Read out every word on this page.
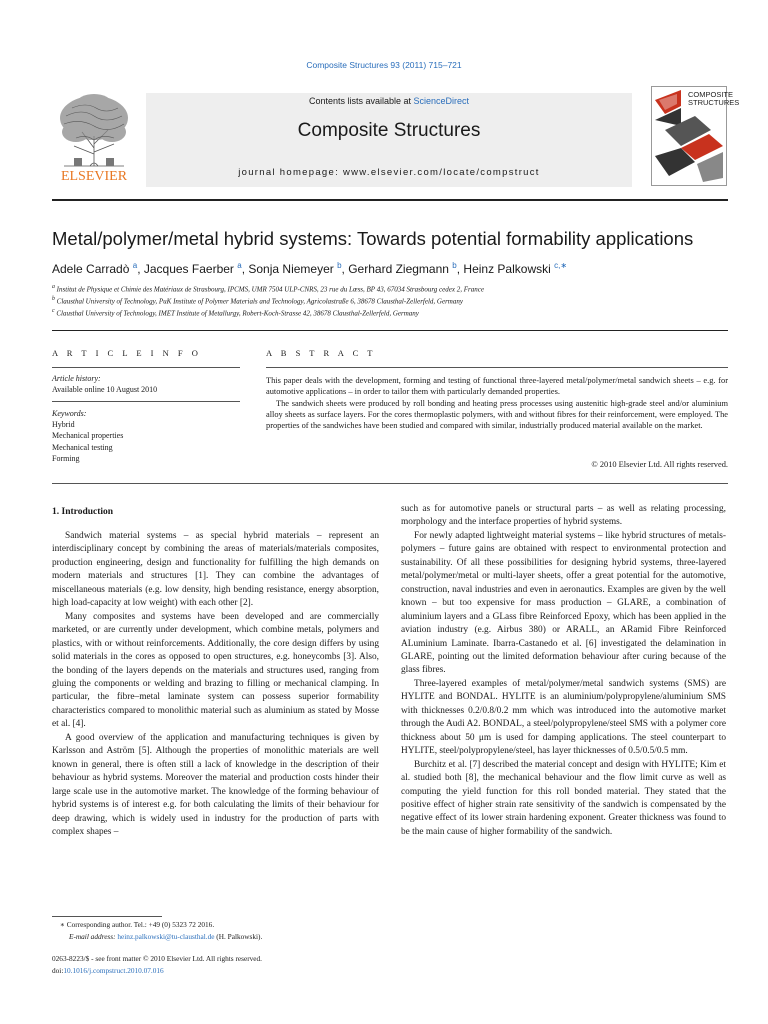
Composite Structures 93 (2011) 715–721
Contents lists available at ScienceDirect
Composite Structures
journal homepage: www.elsevier.com/locate/compstruct
ELSEVIER
COMPOSITE
STRUCTURES
Metal/polymer/metal hybrid systems: Towards potential formability applications
Adele Carradò $^a$, Jacques Faerber $^a$, Sonja Niemeyer $^b$, Gerhard Ziegmann $^b$, Heinz Palkowski $^{c,∗}$
$^a$ Institut de Physique et Chimie des Matériaux de Strasbourg, IPCMS, UMR 7504 ULP-CNRS, 23 rue du Lœss, BP 43, 67034 Strasbourg cedex 2, France
$^b$ Clausthal University of Technology, PuK Institute of Polymer Materials and Technology, Agricolastraße 6, 38678 Clausthal-Zellerfeld, Germany
$^c$ Clausthal University of Technology, IMET Institute of Metallurgy, Robert-Koch-Strasse 42, 38678 Clausthal-Zellerfeld, Germany
A R T I C L E I N F O
Article history:
Available online 10 August 2010
Keywords:
Hybrid
Mechanical properties
Mechanical testing
Forming
A B S T R A C T

This paper deals with the development, forming and testing of functional three-layered metal/polymer/metal sandwich sheets – e.g. for automotive applications – in order to tailor them with particularly demanded properties.

The sandwich sheets were produced by roll bonding and heating press processes using austenitic high-grade steel and/or aluminium alloy sheets as surface layers. For the cores thermoplastic polymers, with and without fibres for their reinforcement, were employed. The properties of the sandwiches have been studied and compared with similar, industrially produced material available on the market.

© 2010 Elsevier Ltd. All rights reserved.
1. Introduction

Sandwich material systems – as special hybrid materials – represent an interdisciplinary concept by combining the areas of materials/materials composites, production engineering, design and functionality for fulfilling the high demands on modern materials and structures [1]. They can combine the advantages of miscellaneous materials (e.g. low density, high bending resistance, energy absorption, high load-capacity at low weight) with each other [2].

Many composites and systems have been developed and are commercially marketed, or are currently under development, which combine metals, polymers and plastics, with or without reinforcements. Additionally, the core design differs by using solid materials in the cores as opposed to open structures, e.g. honeycombs [3]. Also, the bonding of the layers depends on the materials and structures used, ranging from gluing the components or welding and brazing to filling or mechanical clamping. In particular, the fibre–metal laminate system can possess superior formability characteristics compared to monolithic material such as aluminium as stated by Mosse et al. [4].

A good overview of the application and manufacturing techniques is given by Karlsson and Aström [5]. Although the properties of monolithic materials are well known in general, there is often still a lack of knowledge in the description of their behaviour as hybrid systems. Moreover the material and production costs hinder their large scale use in the automotive market. The knowledge of the forming behaviour of hybrid systems is of interest e.g. for both calculating the limits of their behaviour for deep drawing, which is widely used in industry for the production of parts with complex shapes –

such as for automotive panels or structural parts – as well as relating processing, morphology and the interface properties of hybrid systems.

For newly adapted lightweight material systems – like hybrid structures of metals-polymers – future gains are obtained with respect to environmental protection and sustainability. Of all these possibilities for designing hybrid systems, three-layered metal/polymer/metal or multi-layer sheets, offer a great potential for the automotive, construction, naval industries and even in aeronautics. Examples are given by the well known – but too expensive for mass production – GLARE, a combination of aluminium layers and a GLass fibre Reinforced Epoxy, which has been applied in the aviation industry (e.g. Airbus 380) or ARALL, an ARamid Fibre Reinforced ALuminium Laminate. Ibarra-Castanedo et al. [6] investigated the delamination in GLARE, pointing out the limited deformation behaviour after curing because of the glass fibres.

Three-layered examples of metal/polymer/metal sandwich systems (SMS) are HYLITE and BONDAL. HYLITE is an aluminium/polypropylene/aluminium SMS with thicknesses 0.2/0.8/0.2 mm which was introduced into the automotive market through the Audi A2. BONDAL, a steel/polypropylene/steel SMS with a polymer core thickness about 50 μm is used for damping applications. The steel counterpart to HYLITE, steel/polypropylene/steel, has layer thicknesses of 0.5/0.5/0.5 mm.

Burchitz et al. [7] described the material concept and design with HYLITE; Kim et al. studied both [8], the mechanical behaviour and the flow limit curve as well as computing the yield function for this roll bonded material. They stated that the positive effect of higher strain rate sensitivity of the sandwich is compensated by the negative effect of its lower strain hardening exponent. Greater thickness was found to be the main cause of higher formability of the sandwich.

∗ Corresponding author. Tel.: +49 (0) 5323 72 2016.
E-mail address: heinz.palkowski@tu-clausthal.de (H. Palkowski).
0263-8223/$ - see front matter © 2010 Elsevier Ltd. All rights reserved.
doi:10.1016/j.compstruct.2010.07.016
